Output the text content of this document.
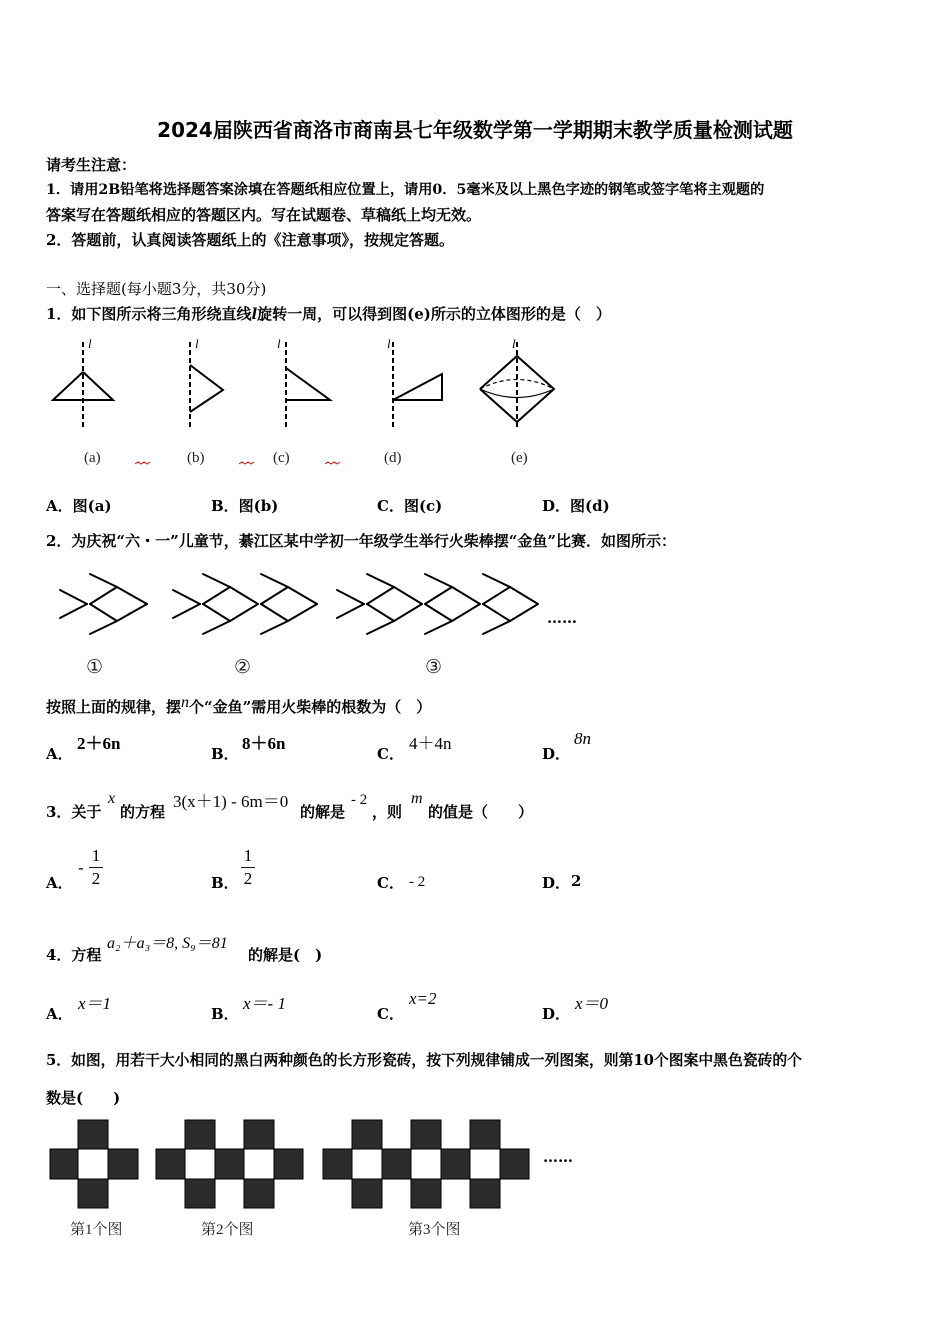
2024届陕西省商洛市商南县七年级数学第一学期期末教学质量检测试题
请考生注意：
1．请用2B铅笔将选择题答案涂填在答题纸相应位置上，请用0．5毫米及以上黑色字迹的钢笔或签字笔将主观题的
答案写在答题纸相应的答题区内。写在试题卷、草稿纸上均无效。
2．答题前，认真阅读答题纸上的《注意事项》，按规定答题。
一、选择题(每小题3分，共30分)
1．如下图所示将三角形绕直线l旋转一周，可以得到图(e)所示的立体图形的是（　）
l	l	l	l	l
(a)	(b)	(c)	(d)	(e)
A．图(a)	B．图(b)	C．图(c)	D．图(d)
2．为庆祝“六・一”儿童节，綦江区某中学初一年级学生举行火柴棒摆“金鱼”比赛．如图所示：
……
①	②	③
按照上面的规律，摆n个“金鱼”需用火柴棒的根数为（　）
A．
2＋6n
B．
8＋6n
C．
4＋4n
D．
8n
3．关于
x
的方程
3(x＋1) - 6m＝0
的解是
- 2
，则
m
的值是（　　）
A．
-
1
2	B．
1
2	C． - 2	D． 2
4．方程
a₂＋a₃＝8, S₉＝81
的解是(　)
A．
x＝1
B．
x＝- 1
C．
x=2
D．
x＝0
5．如图，用若干大小相同的黑白两种颜色的长方形瓷砖，按下列规律铺成一列图案，则第10个图案中黑色瓷砖的个
数是(　　)
……
第1个图	第2个图	第3个图
